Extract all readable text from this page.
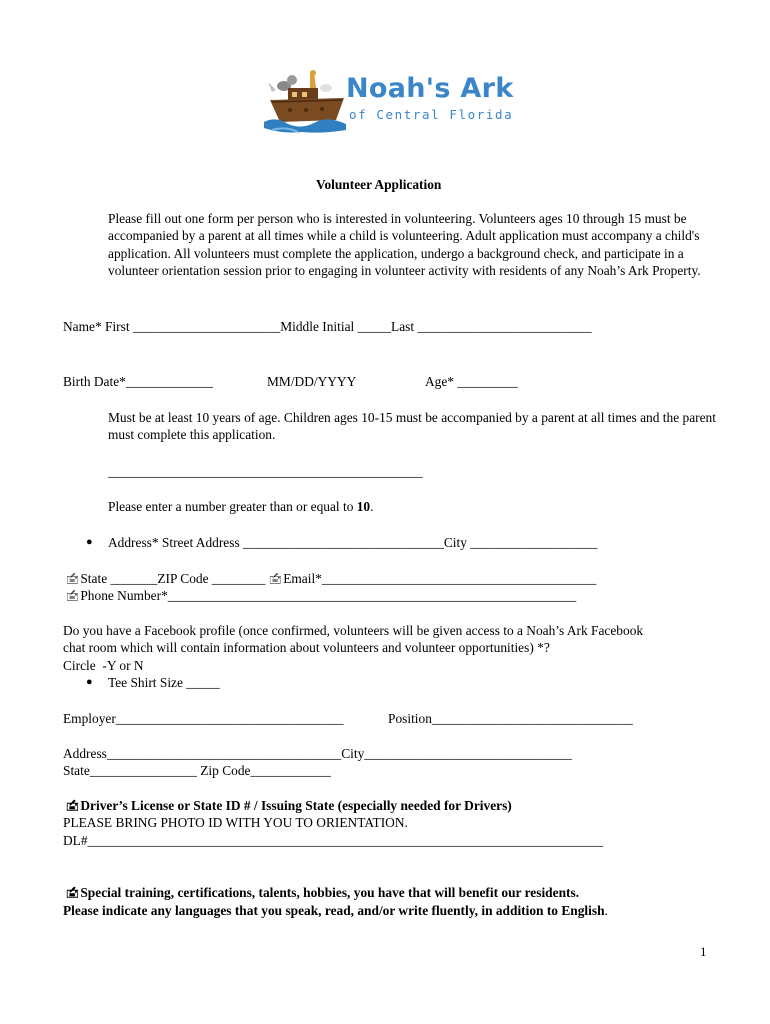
Noah's Ark
of Central Florida
Volunteer Application
Please fill out one form per person who is interested in volunteering. Volunteers ages 10 through 15 must be accompanied by a parent at all times while a child is volunteering. Adult application must accompany a child's application. All volunteers must complete the application, undergo a background check, and participate in a volunteer orientation session prior to engaging in volunteer activity with residents of any Noah’s Ark Property.
Name* First ______________________Middle Initial _____Last __________________________
Birth Date*_____________	MM/DD/YYYY	Age* _________
Must be at least 10 years of age. Children ages 10-15 must be accompanied by a parent at all times and the parent must complete this application.
_______________________________________________
Please enter a number greater than or equal to 10.
● Address* Street Address ______________________________City ___________________
🖆 State _______ZIP Code ________ 🖆 Email*_________________________________________
🖆 Phone Number*_____________________________________________________________
Do you have a Facebook profile (once confirmed, volunteers will be given access to a Noah’s Ark Facebook chat room which will contain information about volunteers and volunteer opportunities) *?
Circle  -Y or N
● Tee Shirt Size _____
Employer__________________________________	Position______________________________
Address___________________________________City_______________________________
State________________ Zip Code____________
🖆 Driver’s License or State ID # / Issuing State (especially needed for Drivers)
PLEASE BRING PHOTO ID WITH YOU TO ORIENTATION.
DL#_____________________________________________________________________________
🖆 Special training, certifications, talents, hobbies, you have that will benefit our residents.
Please indicate any languages that you speak, read, and/or write fluently, in addition to English.
1
